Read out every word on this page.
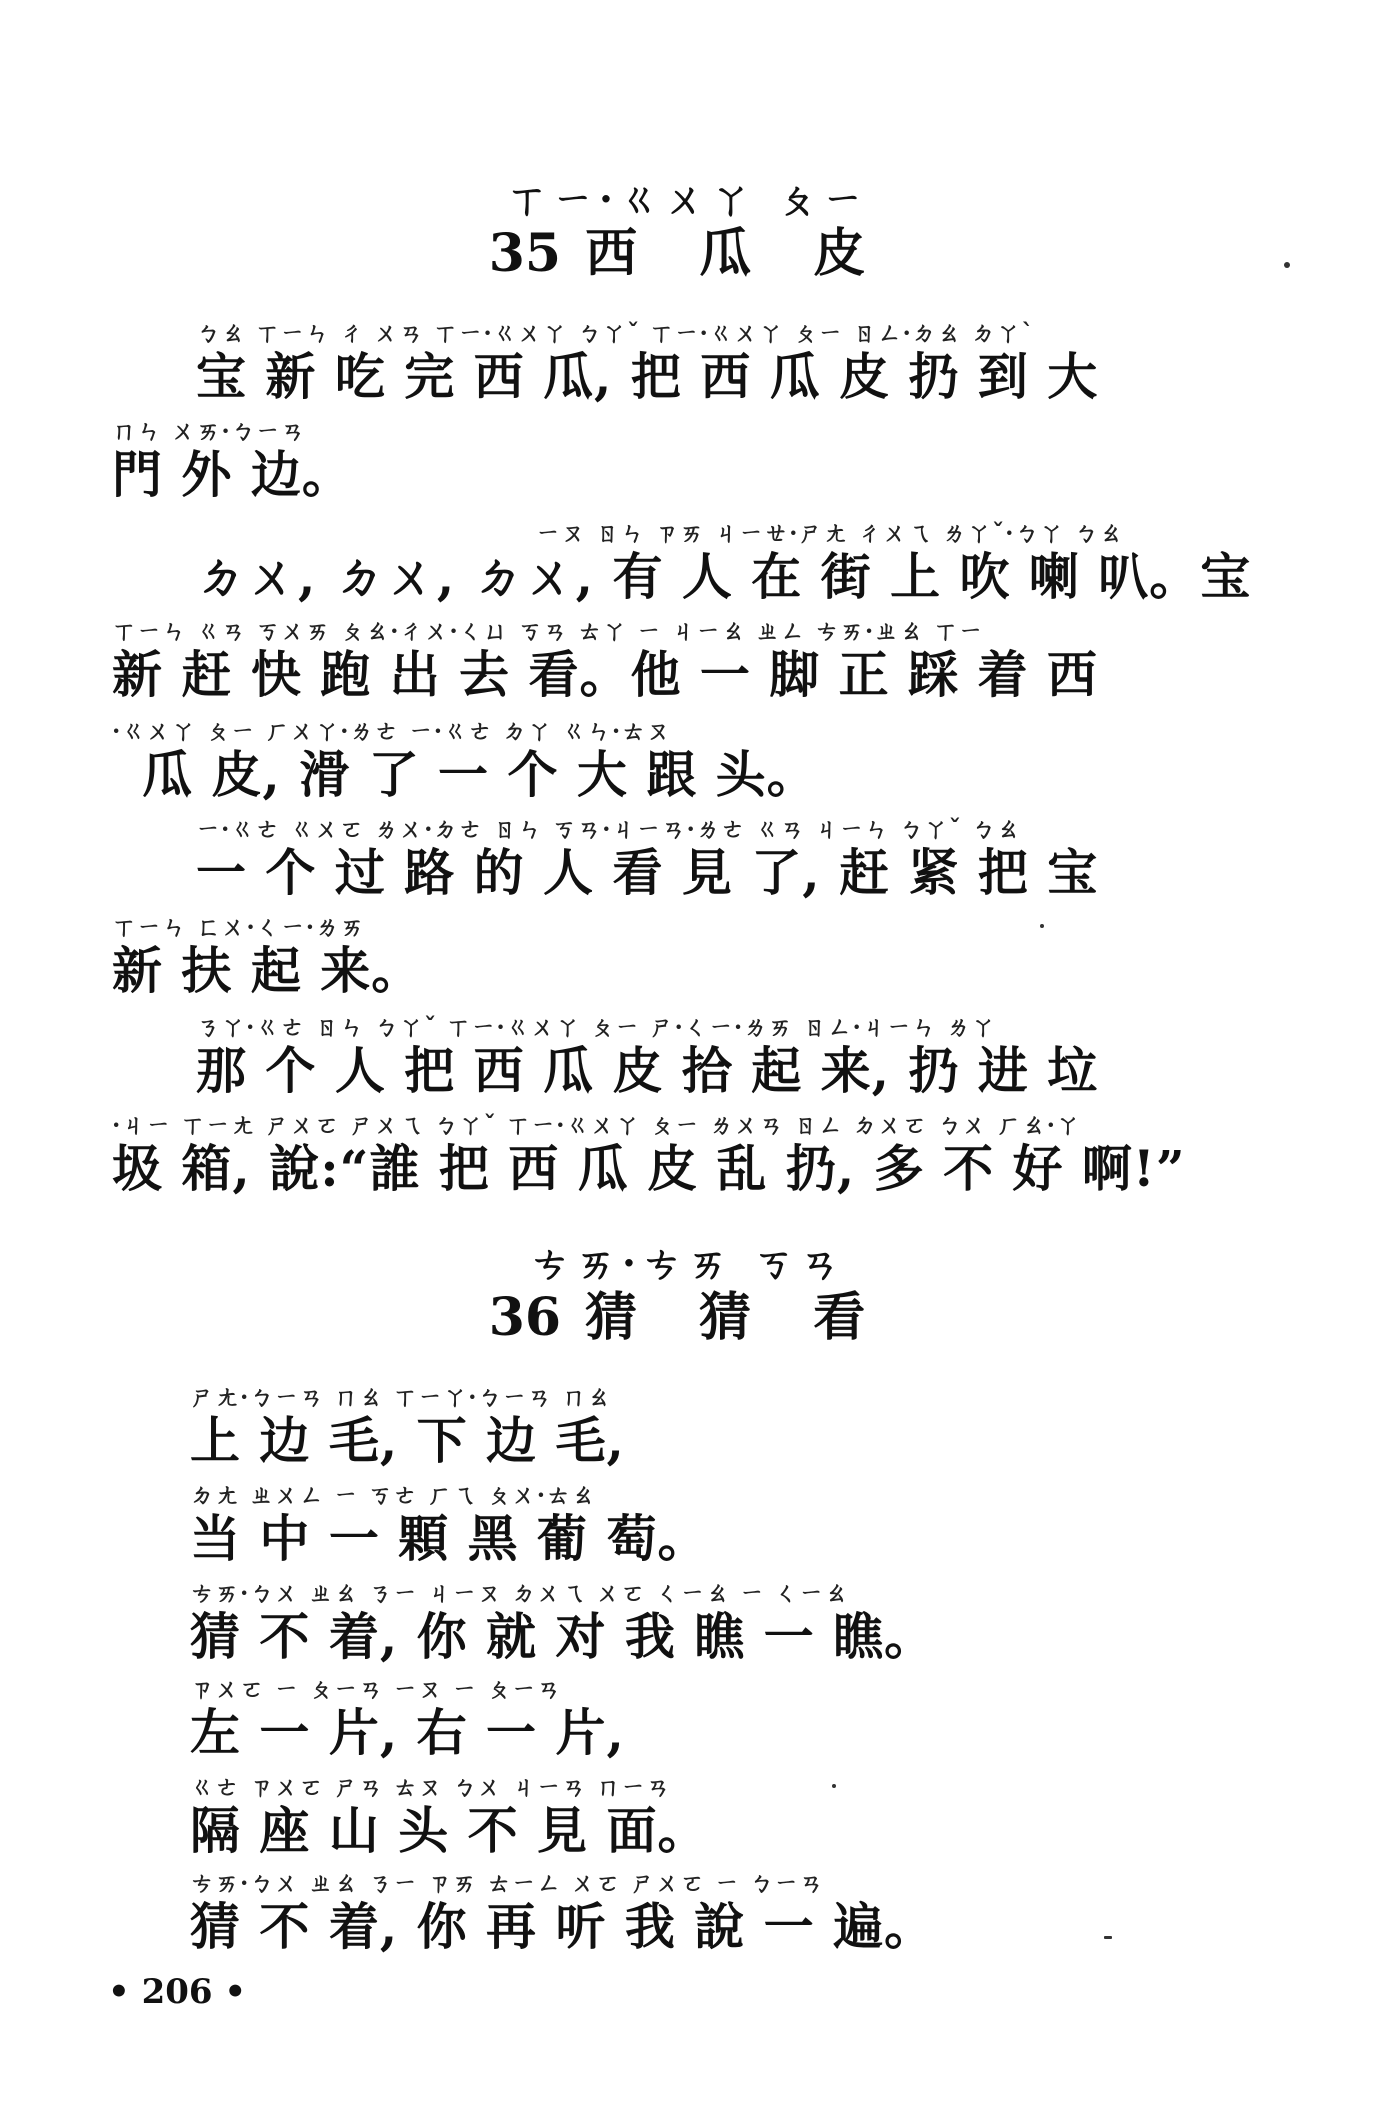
ㄒㄧ·ㄍㄨㄚ ㄆㄧ
35 西 瓜 皮
ㄅㄠ ㄒㄧㄣ ㄔ ㄨㄢ ㄒㄧ·ㄍㄨㄚ ㄅㄚˇ ㄒㄧ·ㄍㄨㄚ ㄆㄧ ㄖㄥ·ㄉㄠ ㄉㄚˋ
宝 新 吃 完 西 瓜, 把 西 瓜 皮 扔 到 大
ㄇㄣ ㄨㄞ·ㄅㄧㄢ
門 外 边。
ㄧㄡ ㄖㄣ ㄗㄞ ㄐㄧㄝ·ㄕㄤ ㄔㄨㄟ ㄌㄚˇ·ㄅㄚ ㄅㄠ
ㄉㄨ, ㄉㄨ, ㄉㄨ, 有 人 在 街 上 吹 喇 叭。宝
ㄒㄧㄣ ㄍㄢ ㄎㄨㄞ ㄆㄠ·ㄔㄨ·ㄑㄩ ㄎㄢ ㄊㄚ ㄧ ㄐㄧㄠ ㄓㄥ ㄘㄞ·ㄓㄠ ㄒㄧ
新 赶 快 跑 出 去 看。他 一 脚 正 踩 着 西
·ㄍㄨㄚ ㄆㄧ ㄏㄨㄚ·ㄌㄜ ㄧ·ㄍㄜ ㄉㄚ ㄍㄣ·ㄊㄡ
瓜 皮, 滑 了 一 个 大 跟 头。
ㄧ·ㄍㄜ ㄍㄨㄛ ㄌㄨ·ㄉㄜ ㄖㄣ ㄎㄢ·ㄐㄧㄢ·ㄌㄜ ㄍㄢ ㄐㄧㄣ ㄅㄚˇ ㄅㄠ
一 个 过 路 的 人 看 見 了, 赶 紧 把 宝
ㄒㄧㄣ ㄈㄨ·ㄑㄧ·ㄌㄞ
新 扶 起 来。
ㄋㄚ·ㄍㄜ ㄖㄣ ㄅㄚˇ ㄒㄧ·ㄍㄨㄚ ㄆㄧ ㄕ·ㄑㄧ·ㄌㄞ ㄖㄥ·ㄐㄧㄣ ㄌㄚ
那 个 人 把 西 瓜 皮 拾 起 来, 扔 进 垃
·ㄐㄧ ㄒㄧㄤ ㄕㄨㄛ ㄕㄨㄟ ㄅㄚˇ ㄒㄧ·ㄍㄨㄚ ㄆㄧ ㄌㄨㄢ ㄖㄥ ㄉㄨㄛ ㄅㄨ ㄏㄠ·ㄚ
圾 箱, 說:“誰 把 西 瓜 皮 乱 扔, 多 不 好 啊!”
ㄘㄞ·ㄘㄞ ㄎㄢ
36 猜 猜 看
ㄕㄤ·ㄅㄧㄢ ㄇㄠ ㄒㄧㄚ·ㄅㄧㄢ ㄇㄠ
上 边 毛, 下 边 毛,
ㄉㄤ ㄓㄨㄥ ㄧ ㄎㄜ ㄏㄟ ㄆㄨ·ㄊㄠ
当 中 一 顆 黑 葡 萄。
ㄘㄞ·ㄅㄨ ㄓㄠ ㄋㄧ ㄐㄧㄡ ㄉㄨㄟ ㄨㄛ ㄑㄧㄠ ㄧ ㄑㄧㄠ
猜 不 着, 你 就 对 我 瞧 一 瞧。
ㄗㄨㄛ ㄧ ㄆㄧㄢ ㄧㄡ ㄧ ㄆㄧㄢ
左 一 片, 右 一 片,
ㄍㄜ ㄗㄨㄛ ㄕㄢ ㄊㄡ ㄅㄨ ㄐㄧㄢ ㄇㄧㄢ
隔 座 山 头 不 見 面。
ㄘㄞ·ㄅㄨ ㄓㄠ ㄋㄧ ㄗㄞ ㄊㄧㄥ ㄨㄛ ㄕㄨㄛ ㄧ ㄅㄧㄢ
猜 不 着, 你 再 听 我 說 一 遍。
• 206 •
